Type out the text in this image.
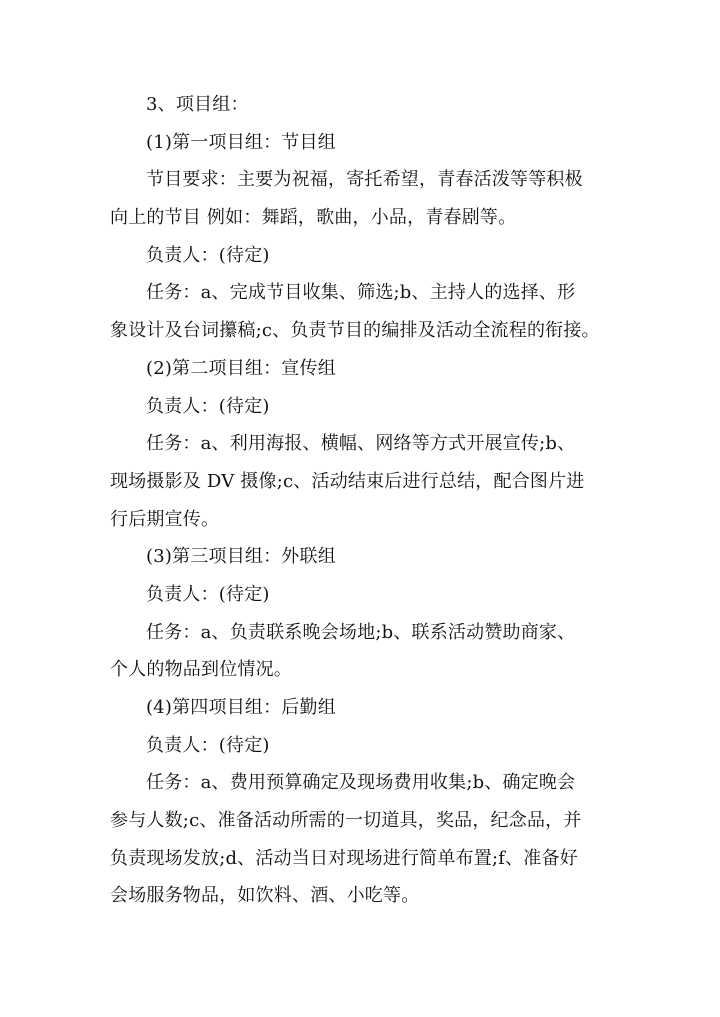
3、项目组：
(1)第一项目组：节目组
节目要求：主要为祝福，寄托希望，青春活泼等等积极
向上的节目 例如：舞蹈，歌曲，小品，青春剧等。
负责人：(待定)
任务：a、完成节目收集、筛选;b、主持人的选择、形
象设计及台词攥稿;c、负责节目的编排及活动全流程的衔接。
(2)第二项目组：宣传组
负责人：(待定)
任务：a、利用海报、横幅、网络等方式开展宣传;b、
现场摄影及 DV 摄像;c、活动结束后进行总结，配合图片进
行后期宣传。
(3)第三项目组：外联组
负责人：(待定)
任务：a、负责联系晚会场地;b、联系活动赞助商家、
个人的物品到位情况。
(4)第四项目组：后勤组
负责人：(待定)
任务：a、费用预算确定及现场费用收集;b、确定晚会
参与人数;c、准备活动所需的一切道具，奖品，纪念品，并
负责现场发放;d、活动当日对现场进行简单布置;f、准备好
会场服务物品，如饮料、酒、小吃等。
